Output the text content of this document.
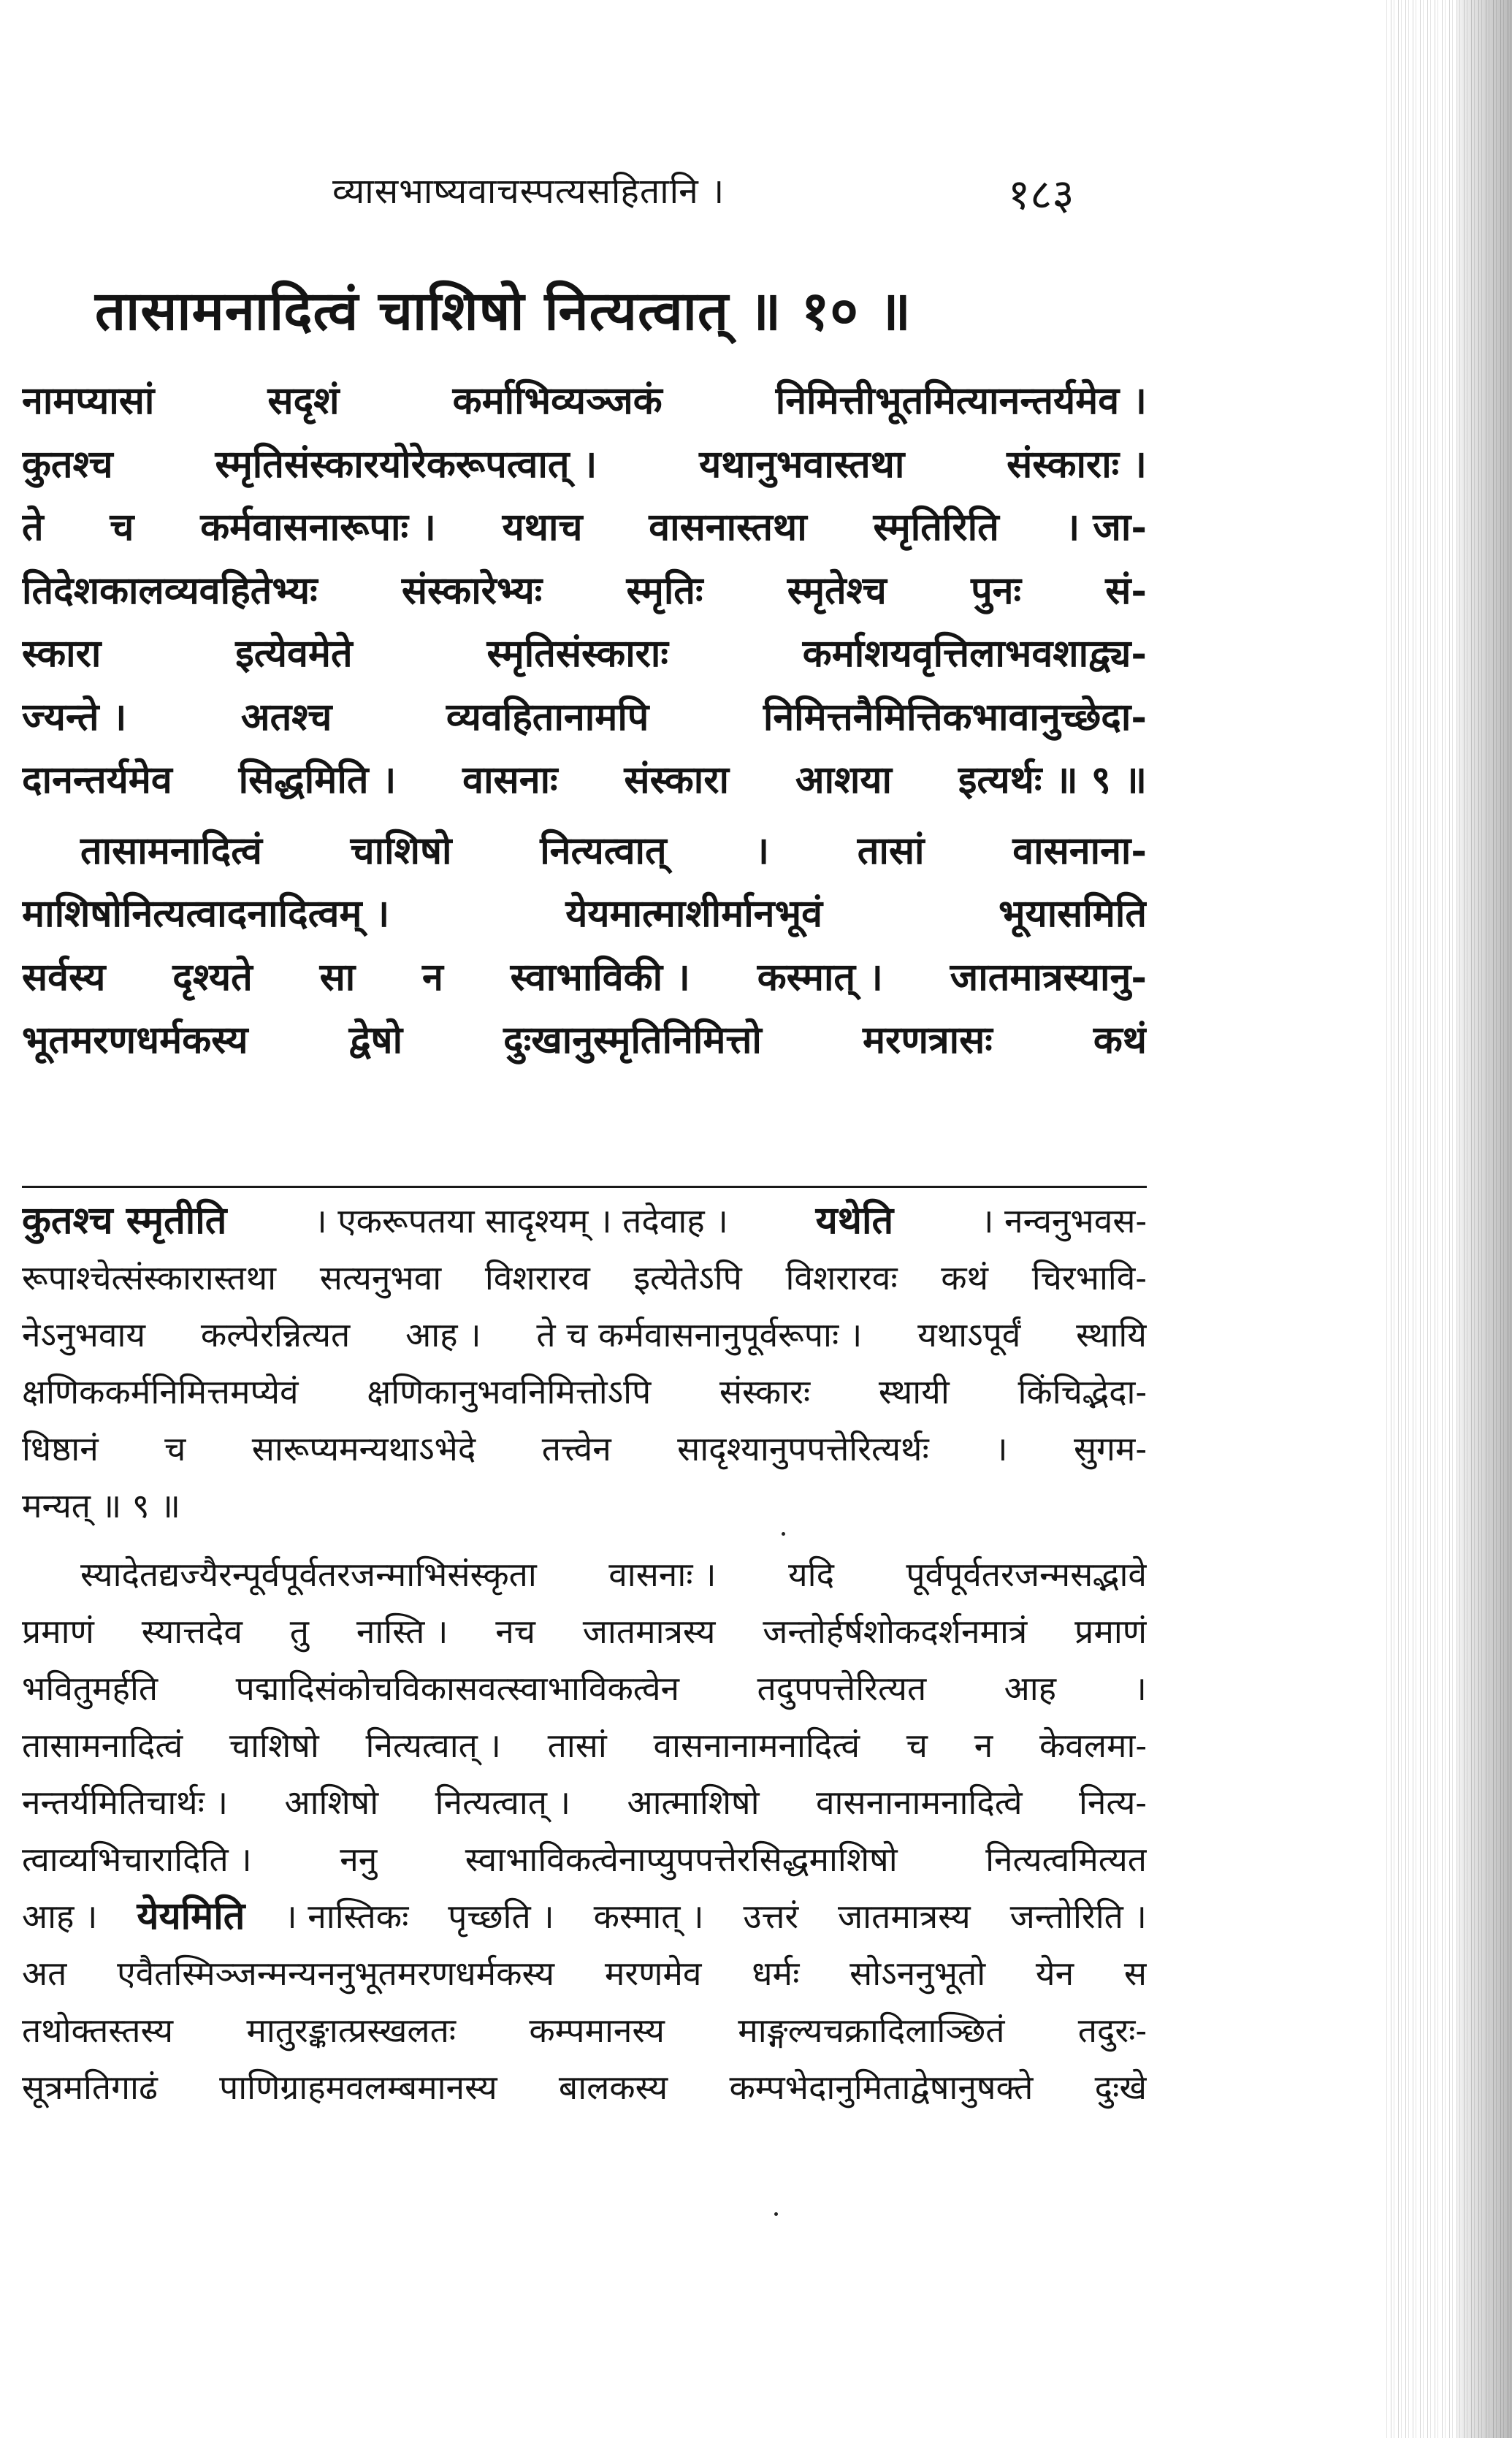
व्यासभाष्यवाचस्पत्यसहितानि ।	१८३
तासामनादित्वं चाशिषो नित्यत्वात् ॥ १० ॥
नामप्यासां	सदृशं	कर्माभिव्यञ्जकं	निमित्तीभूतमित्यानन्तर्यमेव ।
कुतश्च	स्मृतिसंस्कारयोरेकरूपत्वात् ।	यथानुभवास्तथा	संस्काराः ।
ते च कर्मवासनारूपाः । यथाच वासनास्तथा स्मृतिरिति । जा-
तिदेशकालव्यवहितेभ्यः संस्कारेभ्यः स्मृतिः स्मृतेश्च पुनः सं-
स्कारा	इत्येवमेते	स्मृतिसंस्काराः	कर्माशयवृत्तिलाभवशाद्व्य-
ज्यन्ते ।	अतश्च	व्यवहितानामपि	निमित्तनैमित्तिकभावानुच्छेदा-
दानन्तर्यमेव सिद्धमिति । वासनाः संस्कारा आशया इत्यर्थः ॥ ९ ॥
तासामनादित्वं चाशिषो नित्यत्वात् । तासां वासनाना-
माशिषोनित्यत्वादनादित्वम् ।	येयमात्माशीर्मानभूवं	भूयासमिति
सर्वस्य दृश्यते सा न स्वाभाविकी । कस्मात् । जातमात्रस्यानु-
भूतमरणधर्मकस्य	द्वेषो	दुःखानुस्मृतिनिमित्तो	मरणत्रासः	कथं
कुतश्च स्मृतीति	। एकरूपतया सादृश्यम् । तदेवाह । यथेति	। नन्वनुभवस-
रूपाश्चेत्संस्कारास्तथा सत्यनुभवा विशरारव इत्येतेऽपि विशरारवः कथं चिरभावि-
नेऽनुभवाय कल्पेरन्नित्यत आह । ते च कर्मवासनानुपूर्वरूपाः । यथाऽपूर्वं स्थायि
क्षणिककर्मनिमित्तमप्येवं क्षणिकानुभवनिमित्तोऽपि संस्कारः स्थायी किंचिद्भेदा-
धिष्ठानं च सारूप्यमन्यथाऽभेदे तत्त्वेन सादृश्यानुपपत्तेरित्यर्थः । सुगम-
मन्यत् ॥ ९ ॥
स्यादेतद्यज्यैरन्पूर्वपूर्वतरजन्माभिसंस्कृता वासनाः । यदि पूर्वपूर्वतरजन्मसद्भावे
प्रमाणं स्यात्तदेव तु नास्ति । नच जातमात्रस्य जन्तोर्हर्षशोकदर्शनमात्रं प्रमाणं
भवितुमर्हति पद्मादिसंकोचविकासवत्स्वाभाविकत्वेन तदुपपत्तेरित्यत आह ।
तासामनादित्वं चाशिषो नित्यत्वात् । तासां वासनानामनादित्वं च न केवलमा-
नन्तर्यमितिचार्थः । आशिषो नित्यत्वात् । आत्माशिषो वासनानामनादित्वे नित्य-
त्वाव्यभिचारादिति ।	ननु	स्वाभाविकत्वेनाप्युपपत्तेरसिद्धमाशिषो	नित्यत्वमित्यत
आह । येयमिति । नास्तिकः पृच्छति । कस्मात् । उत्तरं जातमात्रस्य जन्तोरिति ।
अत एवैतस्मिञ्जन्मन्यननुभूतमरणधर्मकस्य मरणमेव धर्मः सोऽननुभूतो येन स
तथोक्तस्तस्य मातुरङ्कात्प्रस्खलतः कम्पमानस्य माङ्गल्यचक्रादिलाञ्छितं तदुरः-
सूत्रमतिगाढं पाणिग्राहमवलम्बमानस्य बालकस्य कम्पभेदानुमिताद्वेषानुषक्ते दुःखे
